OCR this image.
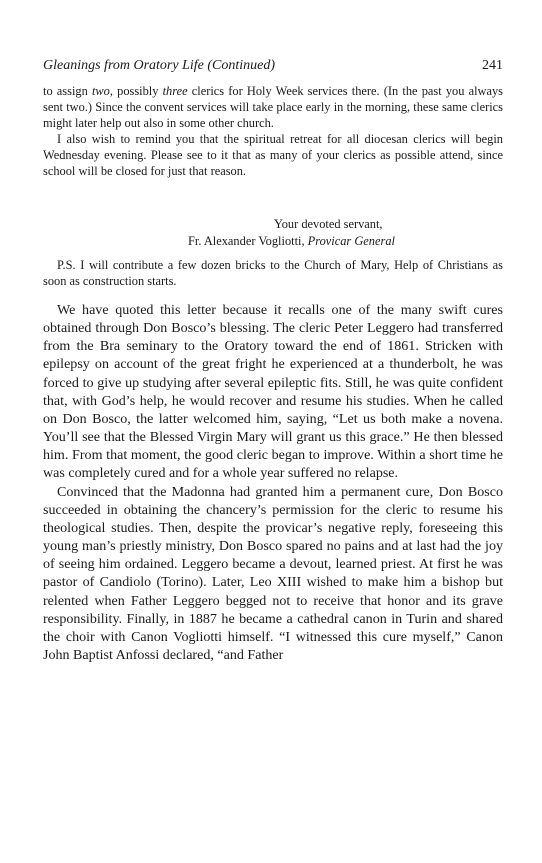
Gleanings from Oratory Life (Continued)	241

to assign two, possibly three clerics for Holy Week services there. (In the past you always sent two.) Since the convent services will take place early in the morning, these same clerics might later help out also in some other church.

I also wish to remind you that the spiritual retreat for all diocesan clerics will begin Wednesday evening. Please see to it that as many of your clerics as possible attend, since school will be closed for just that reason.

Your devoted servant,
Fr. Alexander Vogliotti, Provicar General

P.S. I will contribute a few dozen bricks to the Church of Mary, Help of Christians as soon as construction starts.

We have quoted this letter because it recalls one of the many swift cures obtained through Don Bosco’s blessing. The cleric Peter Leggero had transferred from the Bra seminary to the Oratory toward the end of 1861. Stricken with epilepsy on account of the great fright he experienced at a thunderbolt, he was forced to give up studying after several epileptic fits. Still, he was quite confident that, with God’s help, he would recover and resume his studies. When he called on Don Bosco, the latter welcomed him, saying, “Let us both make a novena. You’ll see that the Blessed Virgin Mary will grant us this grace.” He then blessed him. From that moment, the good cleric began to improve. Within a short time he was completely cured and for a whole year suffered no relapse.

Convinced that the Madonna had granted him a permanent cure, Don Bosco succeeded in obtaining the chancery’s permission for the cleric to resume his theological studies. Then, despite the provicar’s negative reply, foreseeing this young man’s priestly ministry, Don Bosco spared no pains and at last had the joy of seeing him ordained. Leggero became a devout, learned priest. At first he was pastor of Candiolo (Torino). Later, Leo XIII wished to make him a bishop but relented when Father Leggero begged not to receive that honor and its grave responsibility. Finally, in 1887 he became a cathedral canon in Turin and shared the choir with Canon Vogliotti himself. “I witnessed this cure myself,” Canon John Baptist Anfossi declared, “and Father
